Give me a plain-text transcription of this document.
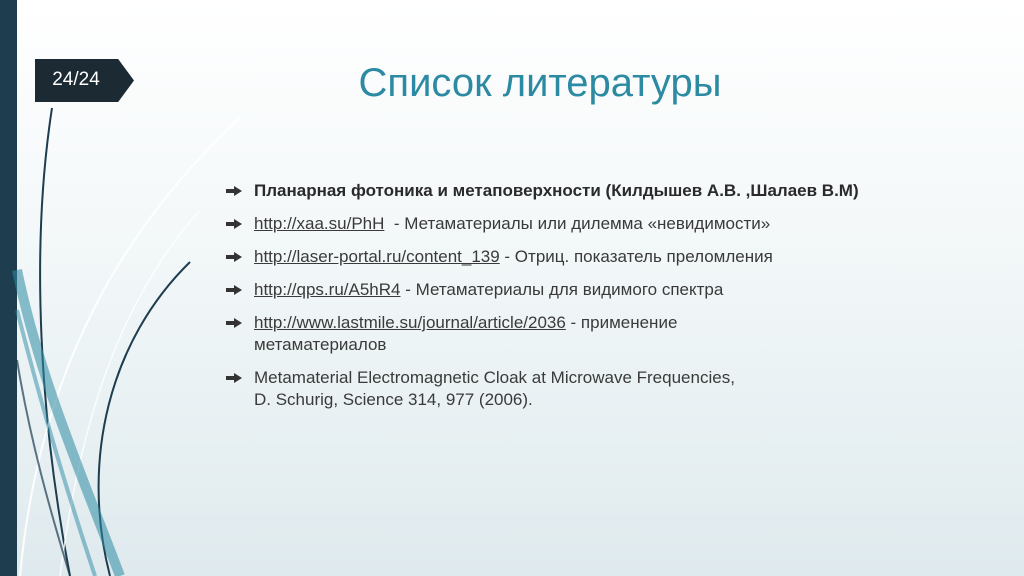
24/24	Список литературы
Планарная фотоника и метаповерхности (Килдышев А.В. ,Шалаев В.М)
http://xaa.su/PhH  - Метаматериалы или дилемма «невидимости»
http://laser-portal.ru/content_139 - Отриц. показатель преломления
http://qps.ru/A5hR4 - Метаматериалы для видимого спектра
http://www.lastmile.su/journal/article/2036 - применение
метаматериалов
Metamaterial Electromagnetic Cloak at Microwave Frequencies,
D. Schurig, Science 314, 977 (2006).
